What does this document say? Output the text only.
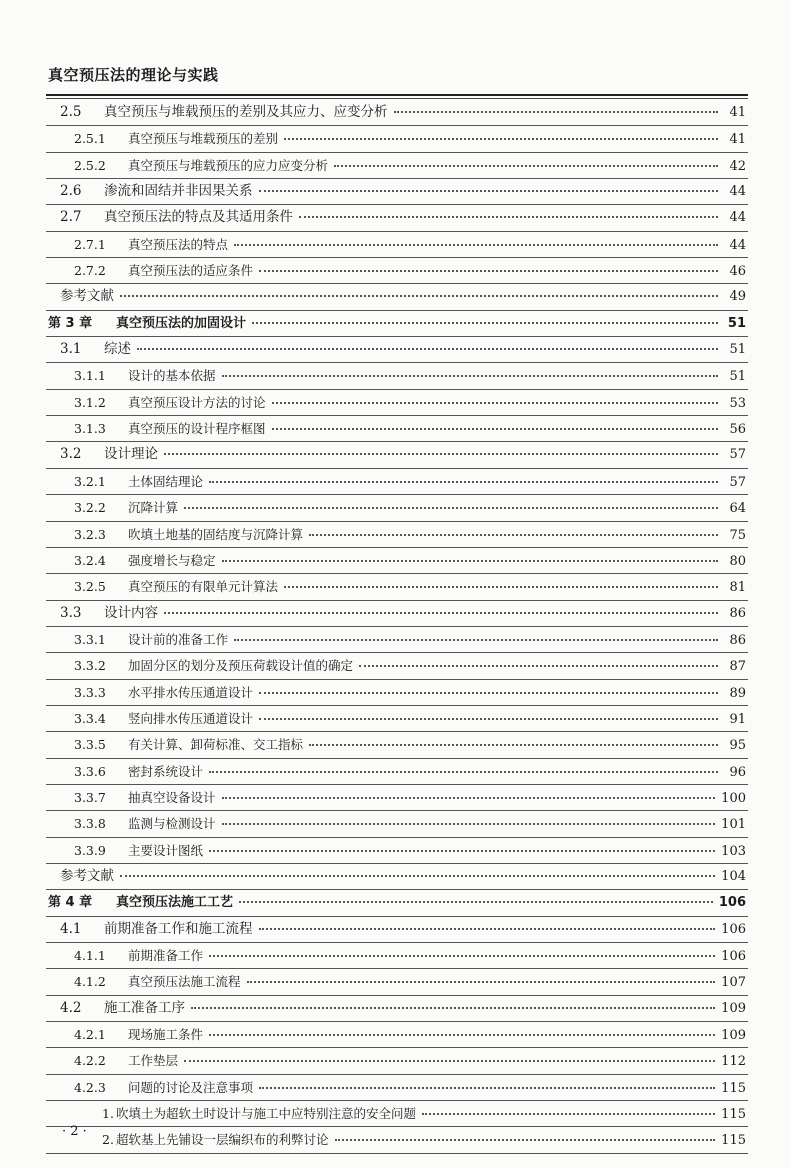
真空预压法的理论与实践
2.5	真空预压与堆载预压的差别及其应力、应变分析	41
2.5.1	真空预压与堆载预压的差别	41
2.5.2	真空预压与堆载预压的应力应变分析	42
2.6	渗流和固结并非因果关系	44
2.7	真空预压法的特点及其适用条件	44
2.7.1	真空预压法的特点	44
2.7.2	真空预压法的适应条件	46
参考文献	49
第 3 章	真空预压法的加固设计	51
3.1	综述	51
3.1.1	设计的基本依据	51
3.1.2	真空预压设计方法的讨论	53
3.1.3	真空预压的设计程序框图	56
3.2	设计理论	57
3.2.1	土体固结理论	57
3.2.2	沉降计算	64
3.2.3	吹填土地基的固结度与沉降计算	75
3.2.4	强度增长与稳定	80
3.2.5	真空预压的有限单元计算法	81
3.3	设计内容	86
3.3.1	设计前的准备工作	86
3.3.2	加固分区的划分及预压荷载设计值的确定	87
3.3.3	水平排水传压通道设计	89
3.3.4	竖向排水传压通道设计	91
3.3.5	有关计算、卸荷标准、交工指标	95
3.3.6	密封系统设计	96
3.3.7	抽真空设备设计	100
3.3.8	监测与检测设计	101
3.3.9	主要设计图纸	103
参考文献	104
第 4 章	真空预压法施工工艺	106
4.1	前期准备工作和施工流程	106
4.1.1	前期准备工作	106
4.1.2	真空预压法施工流程	107
4.2	施工准备工序	109
4.2.1	现场施工条件	109
4.2.2	工作垫层	112
4.2.3	问题的讨论及注意事项	115
1. 吹填土为超软土时设计与施工中应特别注意的安全问题	115
2. 超软基上先铺设一层编织布的利弊讨论	115
· 2 ·
